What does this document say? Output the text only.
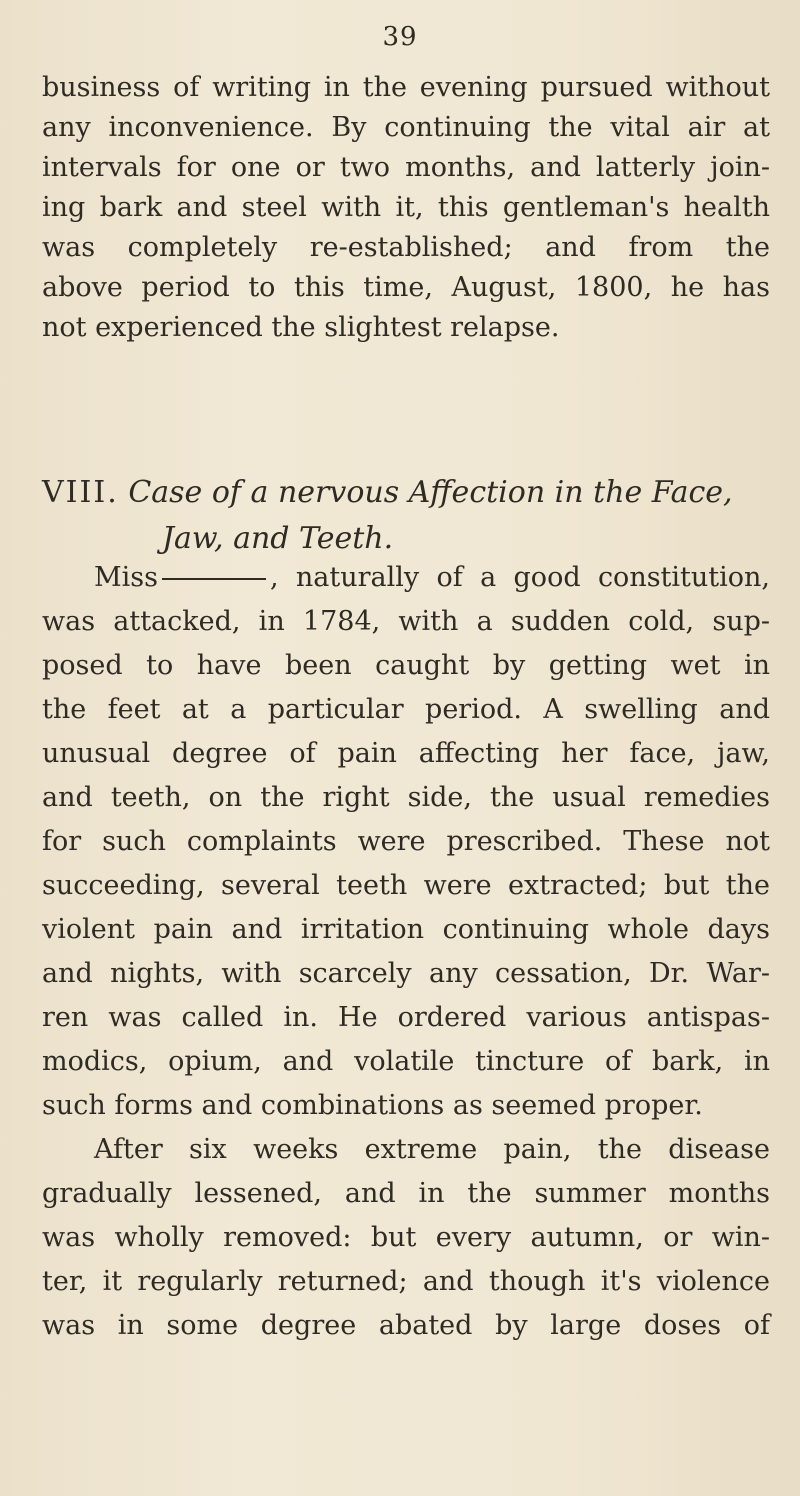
39
business of writing in the evening pursued without
any inconvenience. By continuing the vital air at
intervals for one or two months, and latterly join-
ing bark and steel with it, this gentleman's health
was completely re-established; and from the
above period to this time, August, 1800, he has
not experienced the slightest relapse.
VIII. Case of a nervous Affection in the Face,
Jaw, and Teeth.
Miss	, naturally of a good constitution,
was attacked, in 1784, with a sudden cold, sup-
posed to have been caught by getting wet in
the feet at a particular period. A swelling and
unusual degree of pain affecting her face, jaw,
and teeth, on the right side, the usual remedies
for such complaints were prescribed. These not
succeeding, several teeth were extracted; but the
violent pain and irritation continuing whole days
and nights, with scarcely any cessation, Dr. War-
ren was called in. He ordered various antispas-
modics, opium, and volatile tincture of bark, in
such forms and combinations as seemed proper.
After six weeks extreme pain, the disease
gradually lessened, and in the summer months
was wholly removed: but every autumn, or win-
ter, it regularly returned; and though it's violence
was in some degree abated by large doses of
